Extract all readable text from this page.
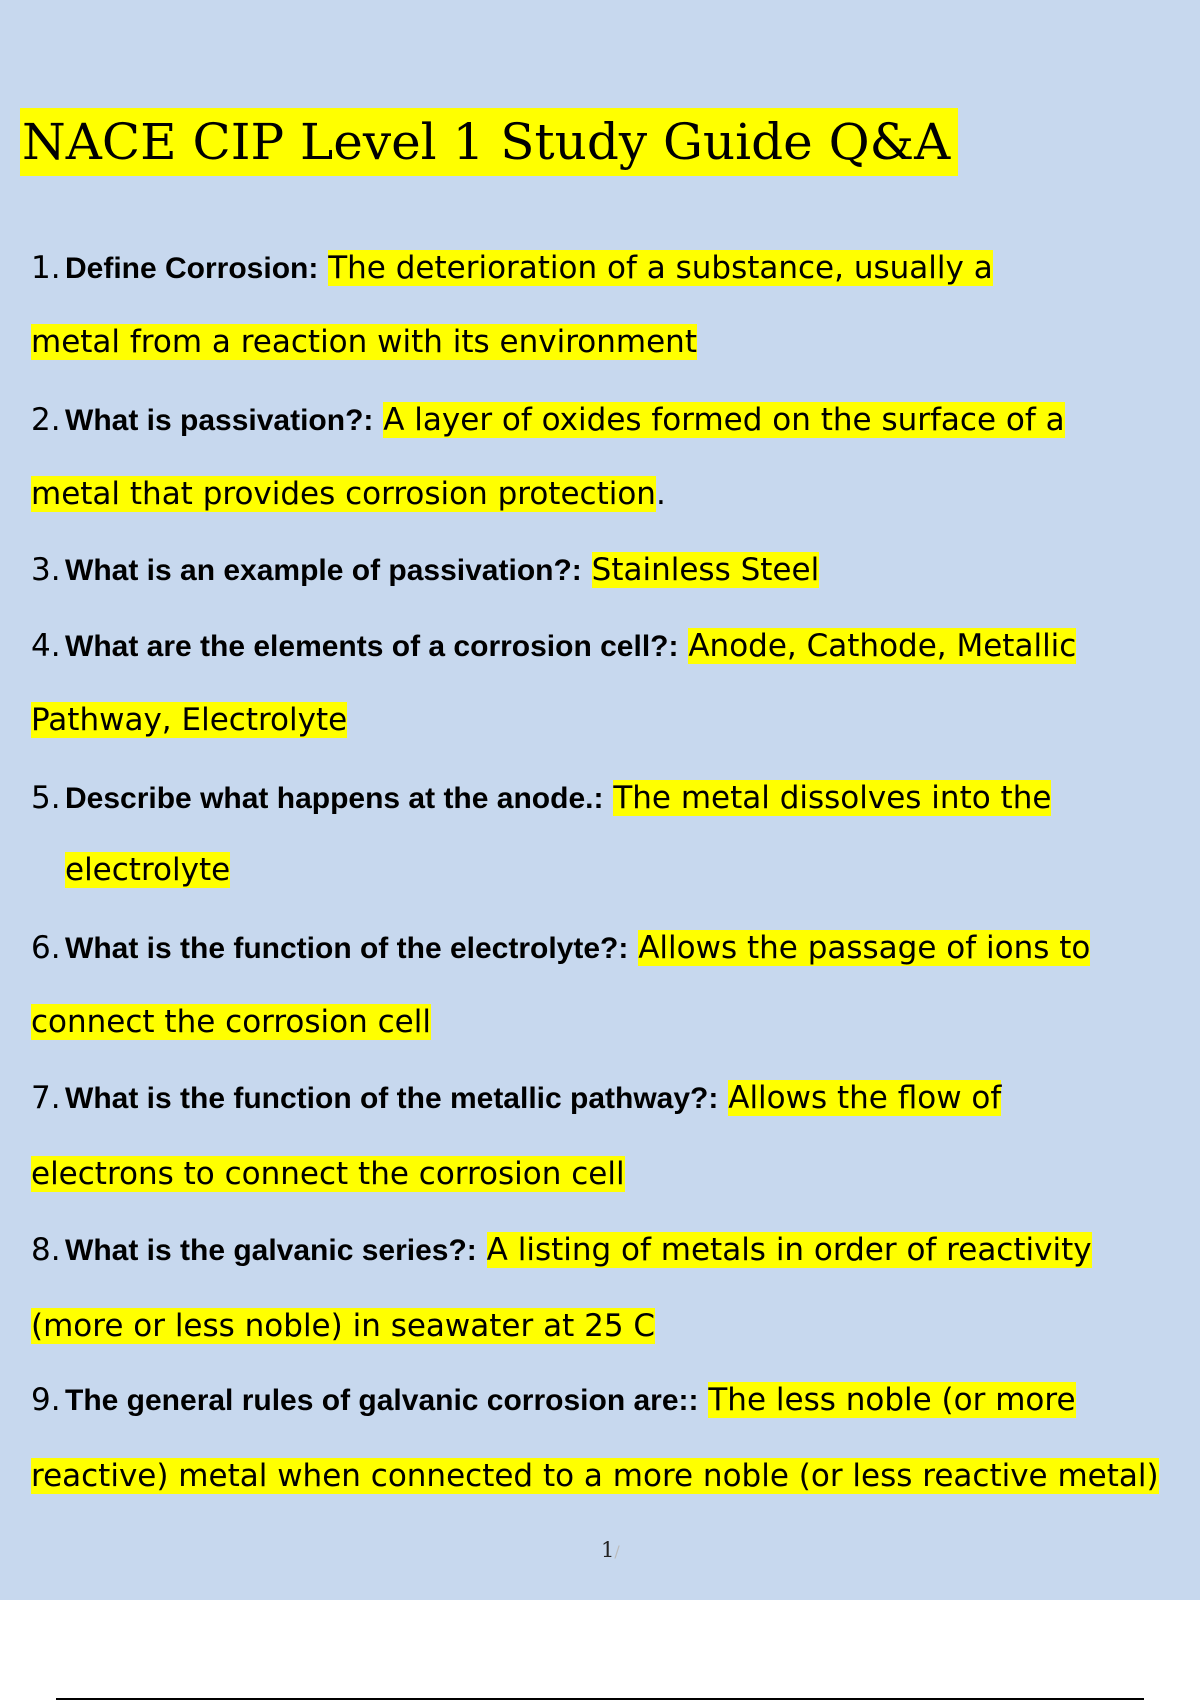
NACE CIP Level 1 Study Guide Q&A
1. Define Corrosion: The deterioration of a substance, usually a
metal from a reaction with its environment
2. What is passivation?: A layer of oxides formed on the surface of a
metal that provides corrosion protection.
3. What is an example of passivation?: Stainless Steel
4. What are the elements of a corrosion cell?: Anode, Cathode, Metallic
Pathway, Electrolyte
5. Describe what happens at the anode.: The metal dissolves into the
electrolyte
6. What is the function of the electrolyte?: Allows the passage of ions to
connect the corrosion cell
7. What is the function of the metallic pathway?: Allows the flow of
electrons to connect the corrosion cell
8. What is the galvanic series?: A listing of metals in order of reactivity
(more or less noble) in seawater at 25 C
9. The general rules of galvanic corrosion are:: The less noble (or more
reactive) metal when connected to a more noble (or less reactive metal)
1/
